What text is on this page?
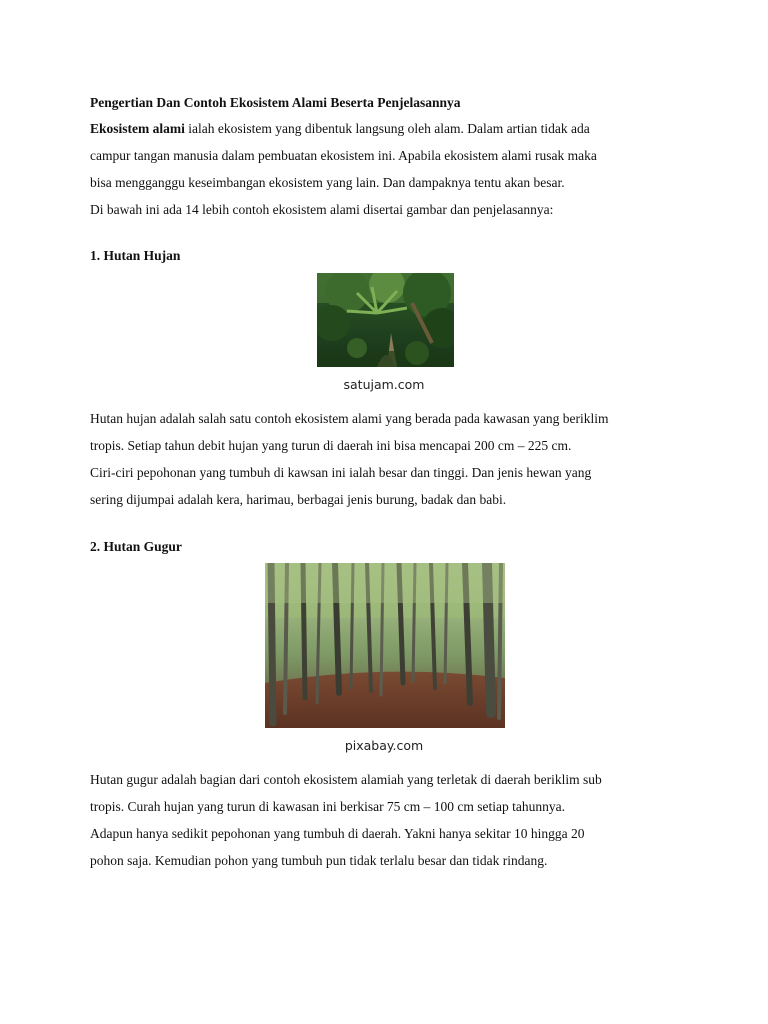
Pengertian Dan Contoh Ekosistem Alami Beserta Penjelasannya
Ekosistem alami ialah ekosistem yang dibentuk langsung oleh alam. Dalam artian tidak ada
campur tangan manusia dalam pembuatan ekosistem ini. Apabila ekosistem alami rusak maka
bisa mengganggu keseimbangan ekosistem yang lain. Dan dampaknya tentu akan besar.
Di bawah ini ada 14 lebih contoh ekosistem alami disertai gambar dan penjelasannya:
1. Hutan Hujan
satujam.com
Hutan hujan adalah salah satu contoh ekosistem alami yang berada pada kawasan yang beriklim
tropis. Setiap tahun debit hujan yang turun di daerah ini bisa mencapai 200 cm – 225 cm.
Ciri-ciri pepohonan yang tumbuh di kawsan ini ialah besar dan tinggi. Dan jenis hewan yang
sering dijumpai adalah kera, harimau, berbagai jenis burung, badak dan babi.
2. Hutan Gugur
pixabay.com
Hutan gugur adalah bagian dari contoh ekosistem alamiah yang terletak di daerah beriklim sub
tropis. Curah hujan yang turun di kawasan ini berkisar 75 cm – 100 cm setiap tahunnya.
Adapun hanya sedikit pepohonan yang tumbuh di daerah. Yakni hanya sekitar 10 hingga 20
pohon saja. Kemudian pohon yang tumbuh pun tidak terlalu besar dan tidak rindang.
